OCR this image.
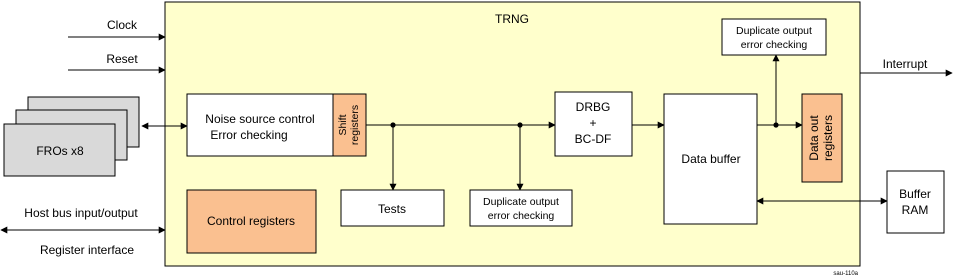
TRNG
Clock
Reset
FROs x8
Noise source control
Error checking	Shift registers
Tests	Duplicate output
error checking
DRBG
+
BC-DF
Data buffer
Duplicate output
error checking
Data out registers
Interrupt
Buffer
RAM
Control registers
Host bus input/output
Register interface
sau-110a
